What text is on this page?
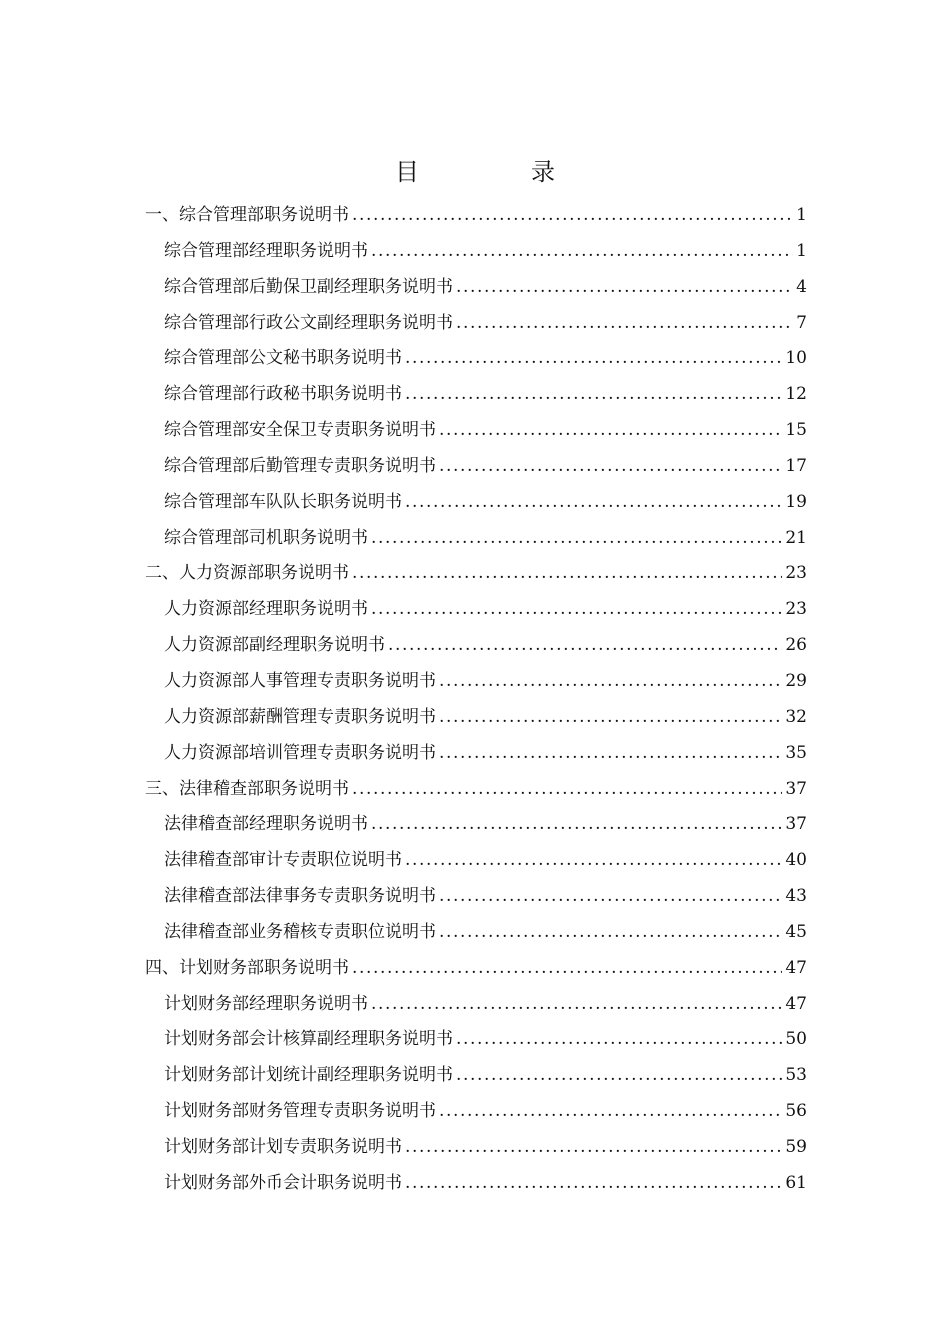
目　录
一、综合管理部职务说明书 .....	1
综合管理部经理职务说明书 .....	1
综合管理部后勤保卫副经理职务说明书 .....	4
综合管理部行政公文副经理职务说明书 .....	7
综合管理部公文秘书职务说明书 .....	10
综合管理部行政秘书职务说明书 .....	12
综合管理部安全保卫专责职务说明书 .....	15
综合管理部后勤管理专责职务说明书 .....	17
综合管理部车队队长职务说明书 .....	19
综合管理部司机职务说明书 .....	21
二、人力资源部职务说明书 .....	23
人力资源部经理职务说明书 .....	23
人力资源部副经理职务说明书 .....	26
人力资源部人事管理专责职务说明书 .....	29
人力资源部薪酬管理专责职务说明书 .....	32
人力资源部培训管理专责职务说明书 .....	35
三、法律稽查部职务说明书 .....	37
法律稽查部经理职务说明书 .....	37
法律稽查部审计专责职位说明书 .....	40
法律稽查部法律事务专责职务说明书 .....	43
法律稽查部业务稽核专责职位说明书 .....	45
四、计划财务部职务说明书 .....	47
计划财务部经理职务说明书 .....	47
计划财务部会计核算副经理职务说明书 .....	50
计划财务部计划统计副经理职务说明书 .....	53
计划财务部财务管理专责职务说明书 .....	56
计划财务部计划专责职务说明书 .....	59
计划财务部外币会计职务说明书 .....	61
